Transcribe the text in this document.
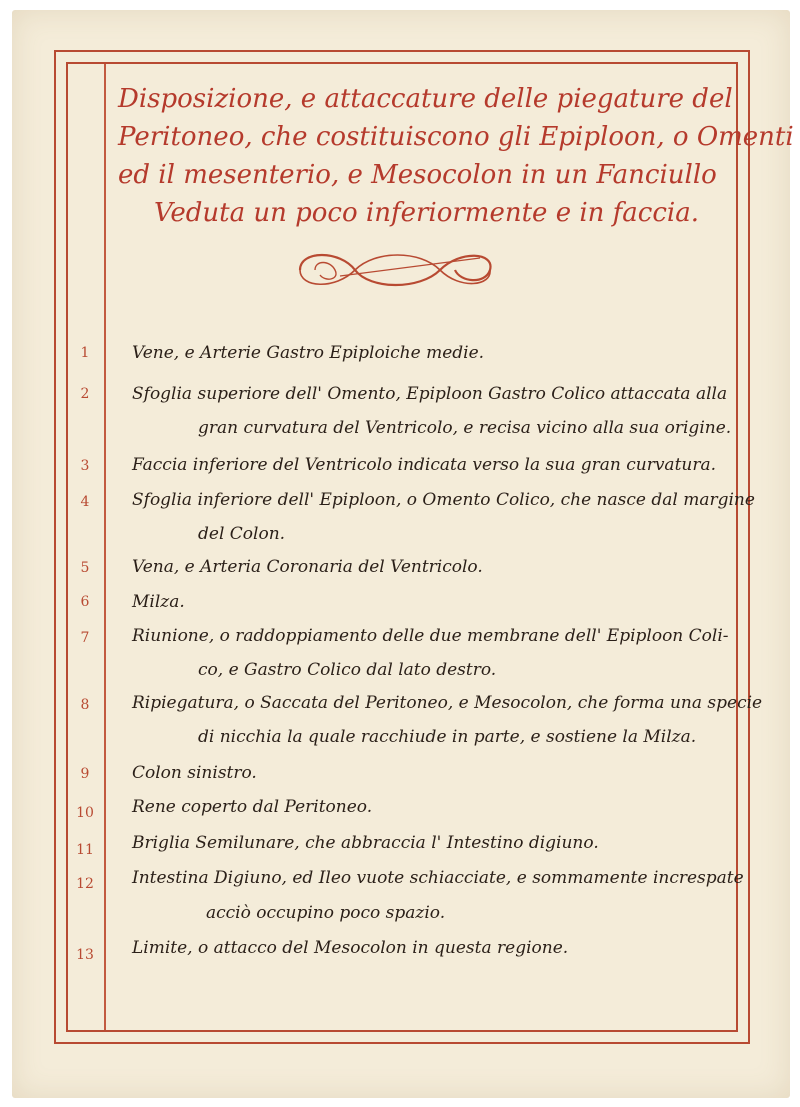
Disposizione, e attaccature delle piegature del
Peritoneo, che costituiscono gli Epiploon, o Omenti
ed il mesenterio, e Mesocolon in un Fanciullo
Veduta un poco inferiormente e in faccia.
1	Vene, e Arterie Gastro Epiploiche medie.
2	Sfoglia superiore dell' Omento, Epiploon Gastro Colico attaccata alla
gran curvatura del Ventricolo, e recisa vicino alla sua origine.
3	Faccia inferiore del Ventricolo indicata verso la sua gran curvatura.
4	Sfoglia inferiore dell' Epiploon, o Omento Colico, che nasce dal margine
del Colon.
5	Vena, e Arteria Coronaria del Ventricolo.
6	Milza.
7	Riunione, o raddoppiamento delle due membrane dell' Epiploon Coli-
co, e Gastro Colico dal lato destro.
8	Ripiegatura, o Saccata del Peritoneo, e Mesocolon, che forma una specie
di nicchia la quale racchiude in parte, e sostiene la Milza.
9	Colon sinistro.
10	Rene coperto dal Peritoneo.
11	Briglia Semilunare, che abbraccia l' Intestino digiuno.
12	Intestina Digiuno, ed Ileo vuote schiacciate, e sommamente increspate
acciò occupino poco spazio.
13	Limite, o attacco del Mesocolon in questa regione.
